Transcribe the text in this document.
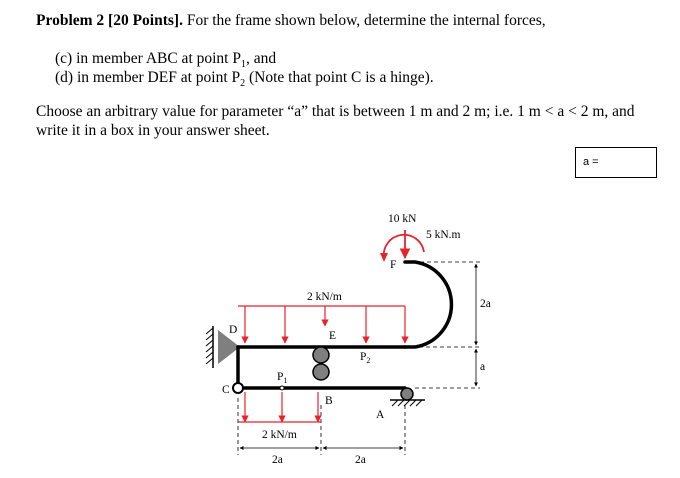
Problem 2 [20 Points]. For the frame shown below, determine the internal forces,
(c) in member ABC at point $P_1$, and
(d) in member DEF at point $P_2$ (Note that point C is a hinge).
Choose an arbitrary value for parameter “a” that is between 1 m and 2 m; i.e. 1 m < a < 2 m, and
write it in a box in your answer sheet.
a =
10 kN
5 kN.m
2 kN/m
2 kN/m
F
D	E
C
B
A
$P_1$
$P_2$
2a	2a
2a
a
